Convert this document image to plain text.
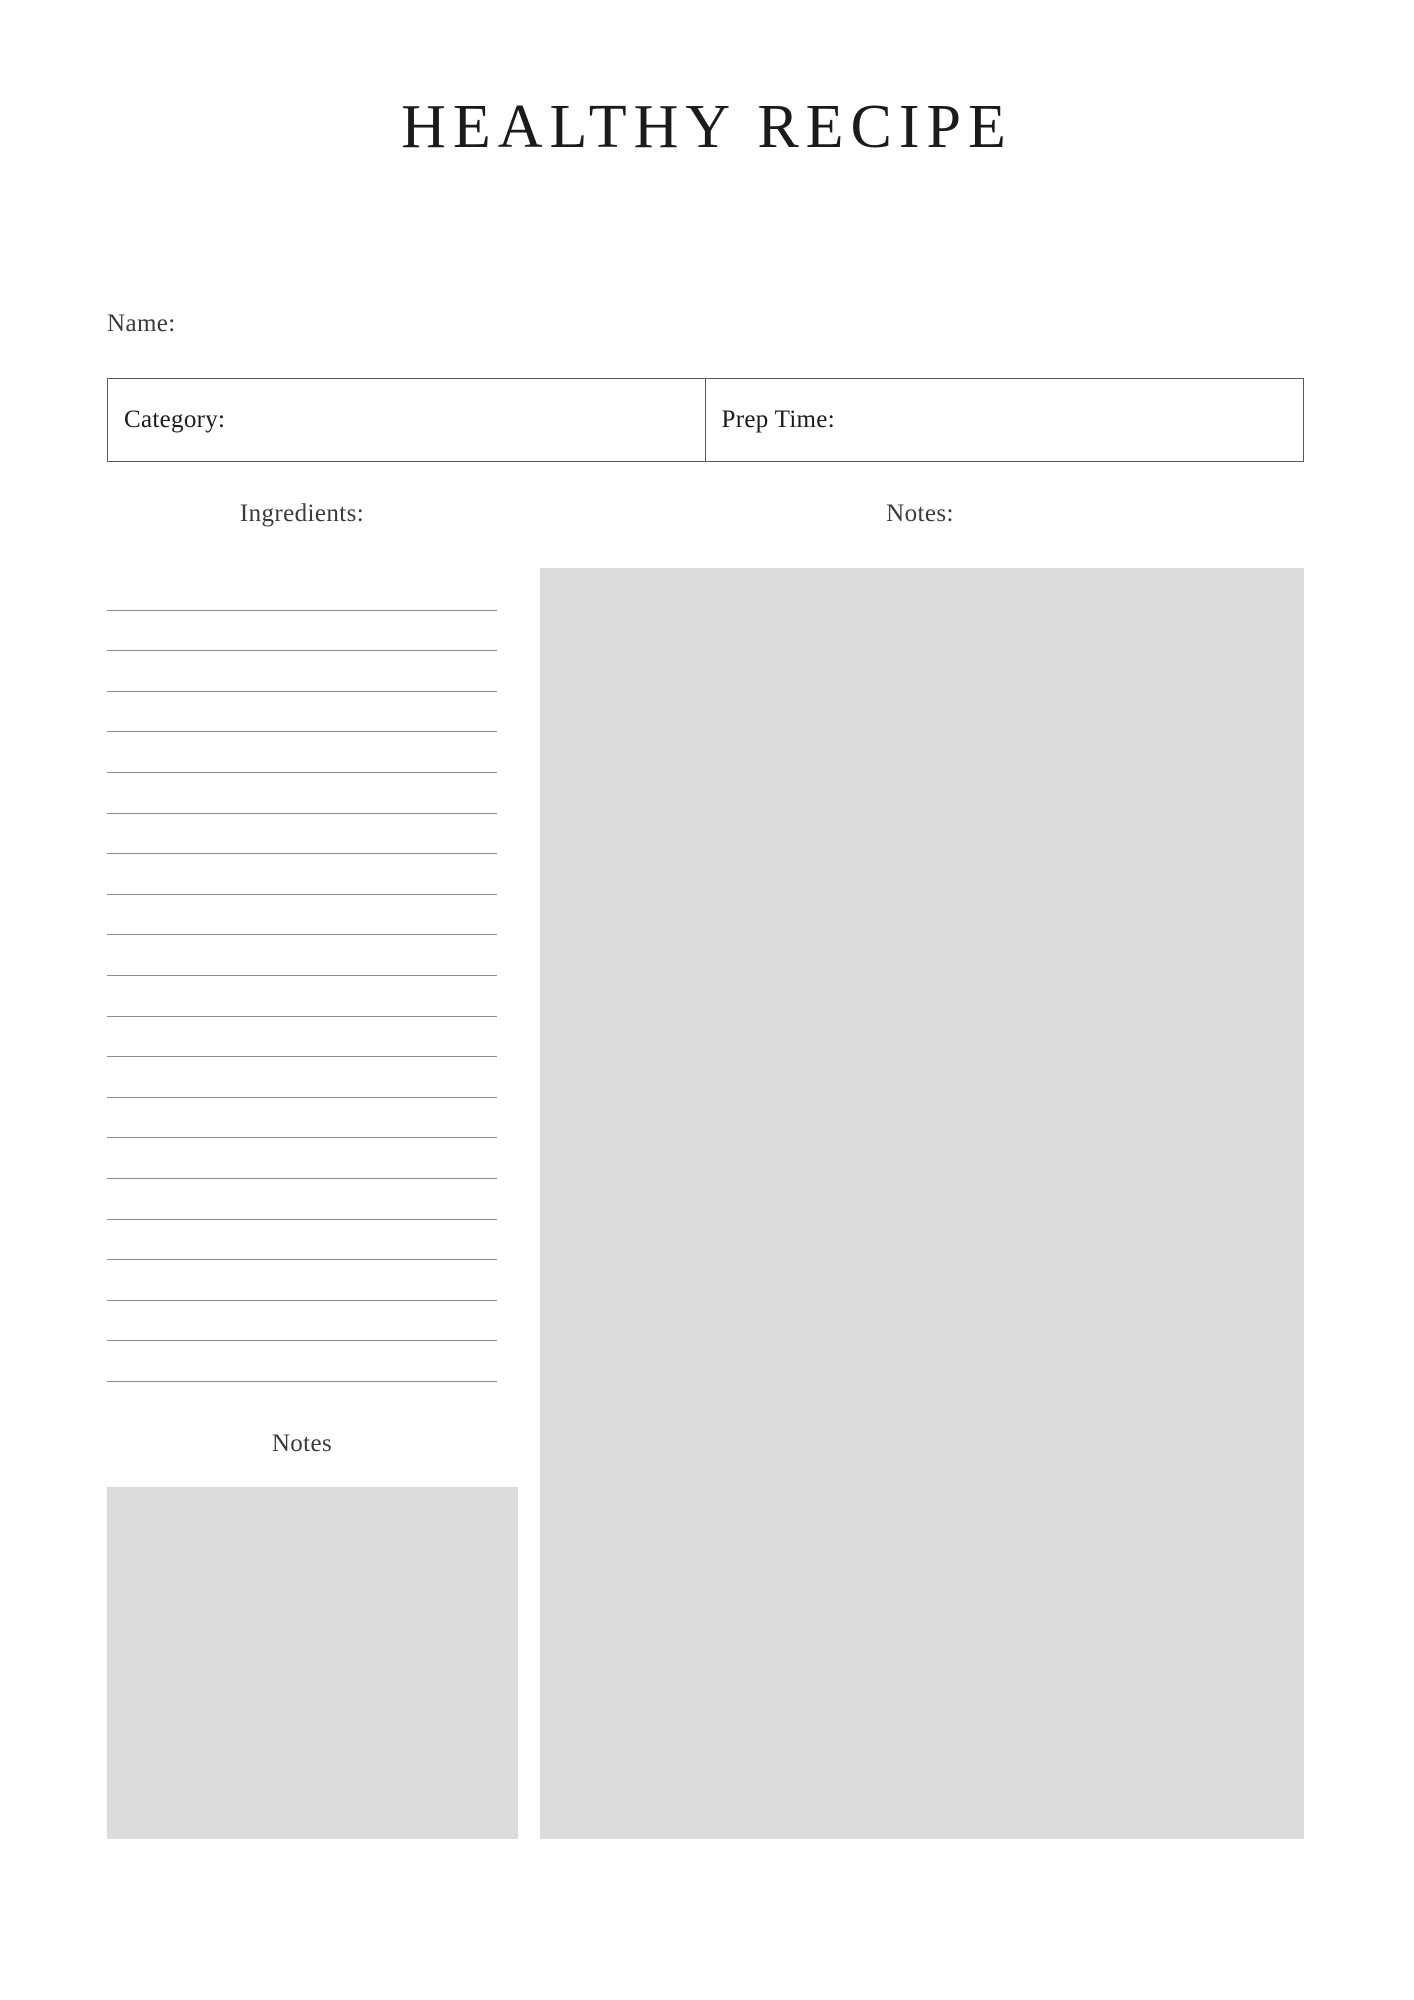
HEALTHY RECIPE
Name:
Category:	Prep Time:
Ingredients:	Notes:
Notes
